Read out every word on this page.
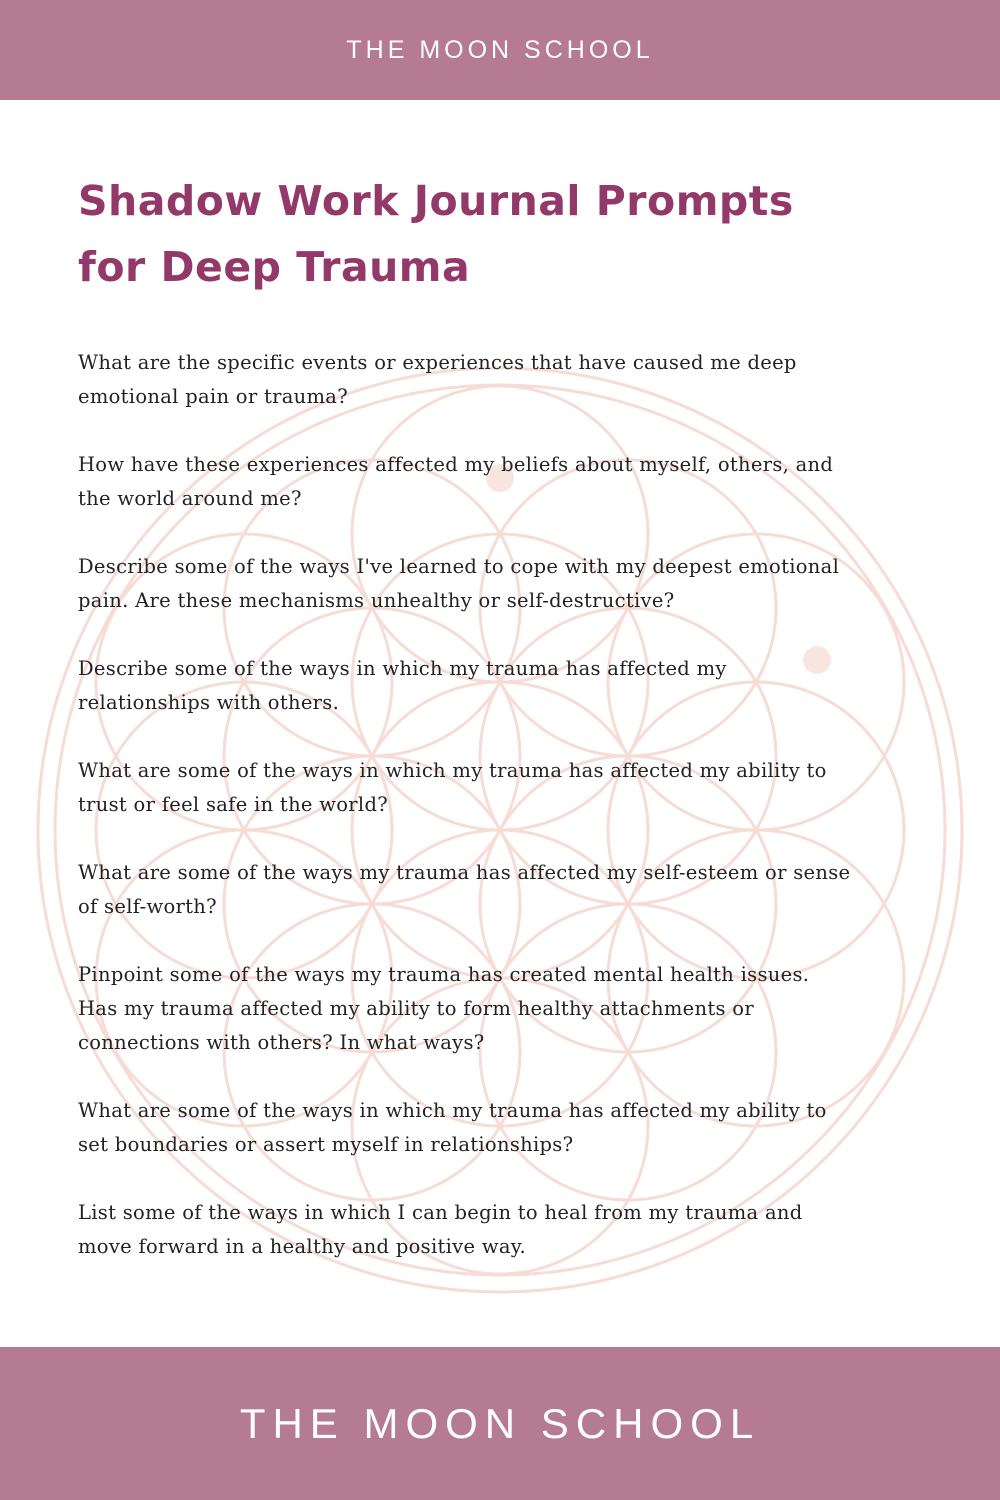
THE MOON SCHOOL
Shadow Work Journal Prompts
for Deep Trauma
What are the specific events or experiences that have caused me deep
emotional pain or trauma?
How have these experiences affected my beliefs about myself, others, and
the world around me?
Describe some of the ways I've learned to cope with my deepest emotional
pain. Are these mechanisms unhealthy or self-destructive?
Describe some of the ways in which my trauma has affected my
relationships with others.
What are some of the ways in which my trauma has affected my ability to
trust or feel safe in the world?
What are some of the ways my trauma has affected my self-esteem or sense
of self-worth?
Pinpoint some of the ways my trauma has created mental health issues.
Has my trauma affected my ability to form healthy attachments or
connections with others? In what ways?
What are some of the ways in which my trauma has affected my ability to
set boundaries or assert myself in relationships?
List some of the ways in which I can begin to heal from my trauma and
move forward in a healthy and positive way.
THE MOON SCHOOL
